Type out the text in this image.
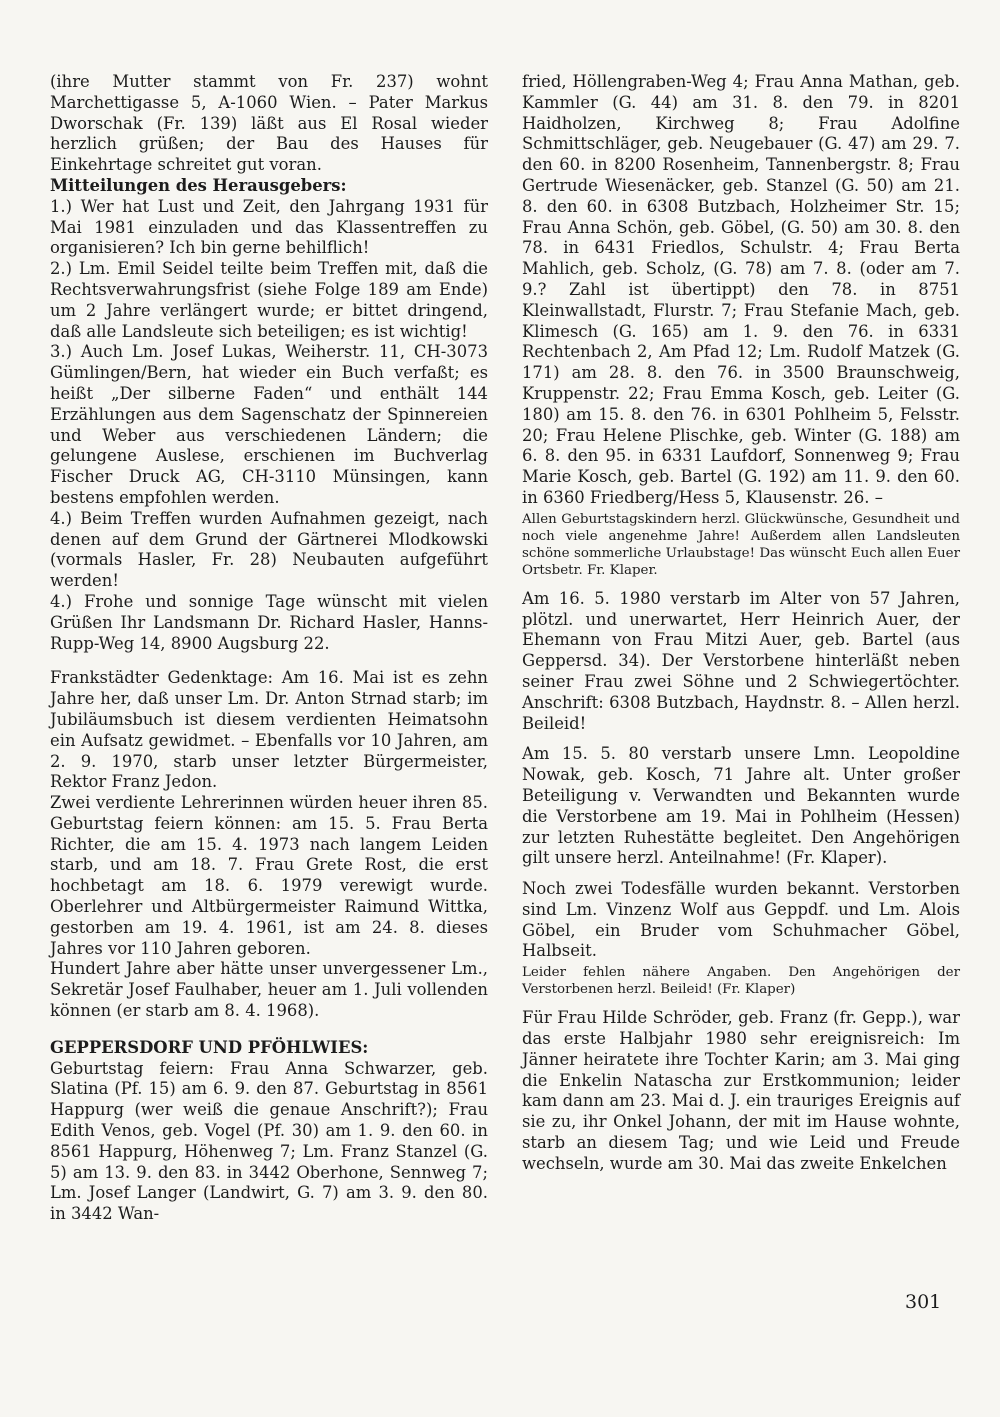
(ihre Mutter stammt von Fr. 237) wohnt Marchettigasse 5, A-1060 Wien. – Pater Markus Dworschak (Fr. 139) läßt aus El Rosal wieder herzlich grüßen; der Bau des Hauses für Einkehrtage schreitet gut voran.

Mitteilungen des Herausgebers:

1.) Wer hat Lust und Zeit, den Jahrgang 1931 für Mai 1981 einzuladen und das Klassentreffen zu organisieren? Ich bin gerne behilflich!

2.) Lm. Emil Seidel teilte beim Treffen mit, daß die Rechtsverwahrungsfrist (siehe Folge 189 am Ende) um 2 Jahre verlängert wurde; er bittet dringend, daß alle Landsleute sich beteiligen; es ist wichtig!

3.) Auch Lm. Josef Lukas, Weiherstr. 11, CH-3073 Gümlingen/Bern, hat wieder ein Buch verfaßt; es heißt „Der silberne Faden“ und enthält 144 Erzählungen aus dem Sagenschatz der Spinnereien und Weber aus verschiedenen Ländern; die gelungene Auslese, erschienen im Buchverlag Fischer Druck AG, CH-3110 Münsingen, kann bestens empfohlen werden.

4.) Beim Treffen wurden Aufnahmen gezeigt, nach denen auf dem Grund der Gärtnerei Mlodkowski (vormals Hasler, Fr. 28) Neubauten aufgeführt werden!

4.) Frohe und sonnige Tage wünscht mit vielen Grüßen Ihr Landsmann Dr. Richard Hasler, Hanns-Rupp-Weg 14, 8900 Augsburg 22.

Frankstädter Gedenktage: Am 16. Mai ist es zehn Jahre her, daß unser Lm. Dr. Anton Strnad starb; im Jubiläumsbuch ist diesem verdienten Heimatsohn ein Aufsatz gewidmet. – Ebenfalls vor 10 Jahren, am 2. 9. 1970, starb unser letzter Bürgermeister, Rektor Franz Jedon.

Zwei verdiente Lehrerinnen würden heuer ihren 85. Geburtstag feiern können: am 15. 5. Frau Berta Richter, die am 15. 4. 1973 nach langem Leiden starb, und am 18. 7. Frau Grete Rost, die erst hochbetagt am 18. 6. 1979 verewigt wurde. Oberlehrer und Altbürgermeister Raimund Wittka, gestorben am 19. 4. 1961, ist am 24. 8. dieses Jahres vor 110 Jahren geboren.

Hundert Jahre aber hätte unser unvergessener Lm., Sekretär Josef Faulhaber, heuer am 1. Juli vollenden können (er starb am 8. 4. 1968).

GEPPERSDORF UND PFÖHLWIES:

Geburtstag feiern: Frau Anna Schwarzer, geb. Slatina (Pf. 15) am 6. 9. den 87. Geburtstag in 8561 Happurg (wer weiß die genaue Anschrift?); Frau Edith Venos, geb. Vogel (Pf. 30) am 1. 9. den 60. in 8561 Happurg, Höhenweg 7; Lm. Franz Stanzel (G. 5) am 13. 9. den 83. in 3442 Oberhone, Sennweg 7; Lm. Josef Langer (Landwirt, G. 7) am 3. 9. den 80. in 3442 Wan-

fried, Höllengraben-Weg 4; Frau Anna Mathan, geb. Kammler (G. 44) am 31. 8. den 79. in 8201 Haidholzen, Kirchweg 8; Frau Adolfine Schmittschläger, geb. Neugebauer (G. 47) am 29. 7. den 60. in 8200 Rosenheim, Tannenbergstr. 8; Frau Gertrude Wiesenäcker, geb. Stanzel (G. 50) am 21. 8. den 60. in 6308 Butzbach, Holzheimer Str. 15; Frau Anna Schön, geb. Göbel, (G. 50) am 30. 8. den 78. in 6431 Friedlos, Schulstr. 4; Frau Berta Mahlich, geb. Scholz, (G. 78) am 7. 8. (oder am 7. 9.? Zahl ist übertippt) den 78. in 8751 Kleinwallstadt, Flurstr. 7; Frau Stefanie Mach, geb. Klimesch (G. 165) am 1. 9. den 76. in 6331 Rechtenbach 2, Am Pfad 12; Lm. Rudolf Matzek (G. 171) am 28. 8. den 76. in 3500 Braunschweig, Kruppenstr. 22; Frau Emma Kosch, geb. Leiter (G. 180) am 15. 8. den 76. in 6301 Pohlheim 5, Felsstr. 20; Frau Helene Plischke, geb. Winter (G. 188) am 6. 8. den 95. in 6331 Laufdorf, Sonnenweg 9; Frau Marie Kosch, geb. Bartel (G. 192) am 11. 9. den 60. in 6360 Friedberg/Hess 5, Klausenstr. 26. –

Allen Geburtstagskindern herzl. Glückwünsche, Gesundheit und noch viele angenehme Jahre! Außerdem allen Landsleuten schöne sommerliche Urlaubstage! Das wünscht Euch allen Euer Ortsbetr. Fr. Klaper.

Am 16. 5. 1980 verstarb im Alter von 57 Jahren, plötzl. und unerwartet, Herr Heinrich Auer, der Ehemann von Frau Mitzi Auer, geb. Bartel (aus Geppersd. 34). Der Verstorbene hinterläßt neben seiner Frau zwei Söhne und 2 Schwiegertöchter. Anschrift: 6308 Butzbach, Haydnstr. 8. – Allen herzl. Beileid!

Am 15. 5. 80 verstarb unsere Lmn. Leopoldine Nowak, geb. Kosch, 71 Jahre alt. Unter großer Beteiligung v. Verwandten und Bekannten wurde die Verstorbene am 19. Mai in Pohlheim (Hessen) zur letzten Ruhestätte begleitet. Den Angehörigen gilt unsere herzl. Anteilnahme! (Fr. Klaper).

Noch zwei Todesfälle wurden bekannt. Verstorben sind Lm. Vinzenz Wolf aus Geppdf. und Lm. Alois Göbel, ein Bruder vom Schuhmacher Göbel, Halbseit.

Leider fehlen nähere Angaben. Den Angehörigen der Verstorbenen herzl. Beileid! (Fr. Klaper)

Für Frau Hilde Schröder, geb. Franz (fr. Gepp.), war das erste Halbjahr 1980 sehr ereignisreich: Im Jänner heiratete ihre Tochter Karin; am 3. Mai ging die Enkelin Natascha zur Erstkommunion; leider kam dann am 23. Mai d. J. ein trauriges Ereignis auf sie zu, ihr Onkel Johann, der mit im Hause wohnte, starb an diesem Tag; und wie Leid und Freude wechseln, wurde am 30. Mai das zweite Enkelchen

301
